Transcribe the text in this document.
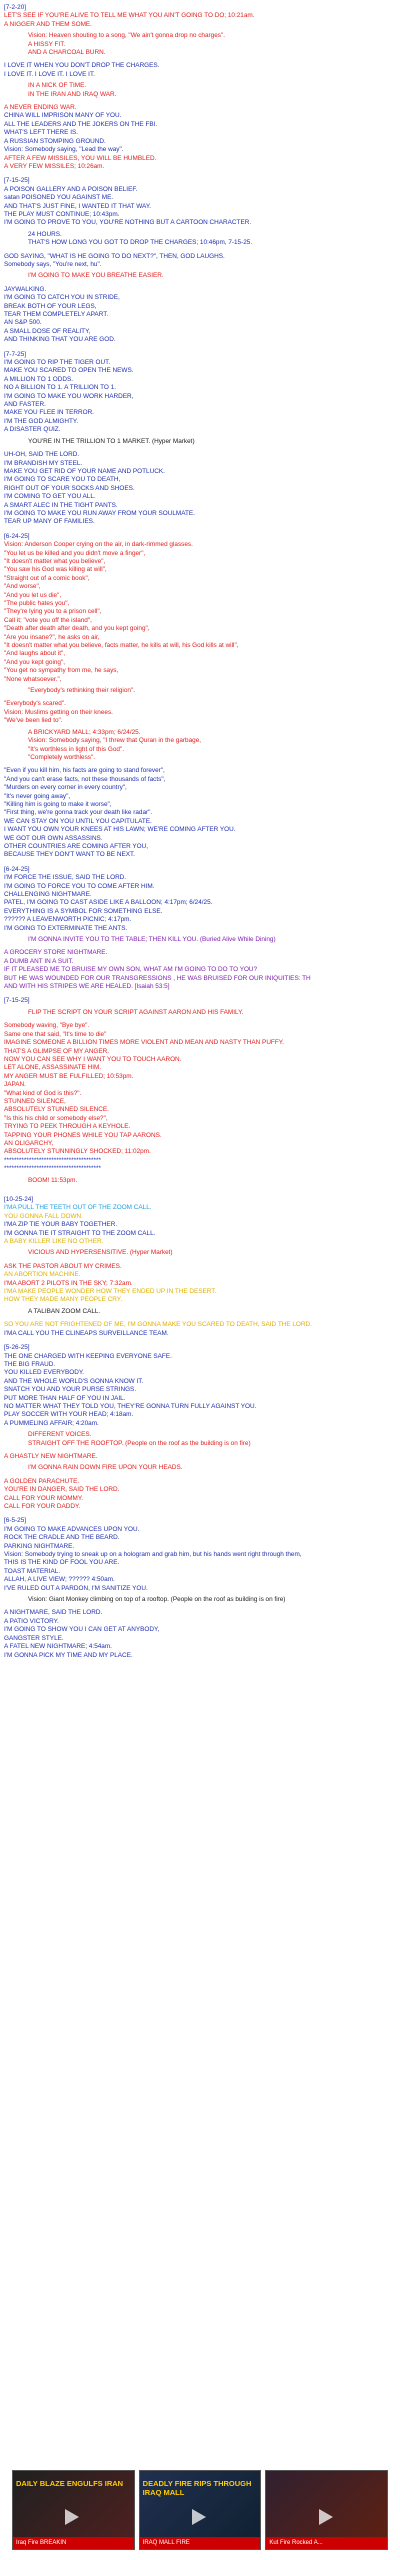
[7-2-20]
LET'S SEE IF YOU'RE ALIVE TO TELL ME WHAT YOU AIN'T GOING TO DO; 10:21am.
A NIGGER AND THEM SOME.
• Vision: Heaven shouting to a song, "We ain't gonna drop no charges".
• A HISSY FIT.
• AND A CHARCOAL BURN.
I LOVE IT WHEN YOU DON'T DROP THE CHARGES.
I LOVE IT. I LOVE IT. I LOVE IT.
• IN A NICK OF TIME.
• IN THE IRAN AND IRAQ WAR.
A NEVER ENDING WAR.
CHINA WILL IMPRISON MANY OF YOU.
ALL THE LEADERS AND THE JOKERS ON THE FBI.
WHAT'S LEFT THERE IS.
A RUSSIAN STOMPING GROUND.
Vision: Somebody saying, "Lead the way".
AFTER A FEW MISSILES, YOU WILL BE HUMBLED.
A VERY FEW MISSILES; 10:26am.
[7-15-25]
A POISON GALLERY AND A POISON BELIEF.
satan POISONED YOU AGAINST ME.
AND THAT'S JUST FINE, I WANTED IT THAT WAY.
THE PLAY MUST CONTINUE; 10:43pm.
I'M GOING TO PROVE TO YOU, YOU'RE NOTHING BUT A CARTOON CHARACTER.
• 24 HOURS.
• THAT'S HOW LONG YOU GOT TO DROP THE CHARGES; 10:46pm, 7-15-25.
GOD SAYING, "WHAT IS HE GOING TO DO NEXT?", THEN, GOD LAUGHS.
Somebody says, "You're next, hu".
• I'M GOING TO MAKE YOU BREATHE EASIER.
JAYWALKING.
I'M GOING TO CATCH YOU IN STRIDE,
BREAK BOTH OF YOUR LEGS,
TEAR THEM COMPLETELY APART.
AN S&P 500.
A SMALL DOSE OF REALITY,
AND THINKING THAT YOU ARE GOD.
[7-7-25]
I'M GOING TO RIP THE TIGER OUT.
MAKE YOU SCARED TO OPEN THE NEWS.
A MILLION TO 1 ODDS.
NO A BILLION TO 1. A TRILLION TO 1.
I'M GOING TO MAKE YOU WORK HARDER,
AND FASTER.
MAKE YOU FLEE IN TERROR.
I'M THE GOD ALMIGHTY.
A DISASTER QUIZ.
• YOU'RE IN THE TRILLION TO 1 MARKET. (Hyper Market)
UH-OH, SAID THE LORD.
I'M BRANDISH MY STEEL.
MAKE YOU GET RID OF YOUR NAME AND POTLUCK.
I'M GOING TO SCARE YOU TO DEATH,
RIGHT OUT OF YOUR SOCKS AND SHOES.
I'M COMING TO GET YOU ALL.
A SMART ALEC IN THE TIGHT PANTS.
I'M GOING TO MAKE YOU RUN AWAY FROM YOUR SOULMATE.
TEAR UP MANY OF FAMILIES.
[6-24-25]
Vision: Anderson Cooper crying on the air, in dark-rimmed glasses.
"You let us be killed and you didn't move a finger",
"It doesn't matter what you believe",
"You saw his God was killing at will",
"Straight out of a comic book",
"And worse",
"And you let us die",
"The public hates you",
"They're lying you to a prison cell",
Call it; "vote you off the island",
"Death after death after death, and you kept going",
"Are you insane?", he asks on air,
"It doesn't matter what you believe, facts matter, he kills at will, his God kills at will",
"And laughs about it",
"And you kept going",
"You get no sympathy from me, he says,
"None whatsoever.",
• "Everybody's rethinking their religion".
"Everybody's scared".
Vision: Muslims getting on their knees.
"We've been lied to".
• A BRICKYARD MALL; 4:33pm; 6/24/25.
• Vision: Somebody saying, "I threw that Quran in the garbage,
• "It's worthless in light of this God".
• "Completely worthless".
"Even if you kill him, his facts are going to stand forever",
"And you can't erase facts, not these thousands of facts",
"Murders on every corner in every country",
"It's never going away",
"Killing him is going to make it worse",
"First thing, we're gonna track your death like radar".
WE CAN STAY ON YOU UNTIL YOU CAPITULATE.
I WANT YOU OWN YOUR KNEES AT HIS LAWN; WE'RE COMING AFTER YOU.
WE GOT OUR OWN ASSASSINS.
OTHER COUNTRIES ARE COMING AFTER YOU,
BECAUSE THEY DON'T WANT TO BE NEXT.
[6-24-25]
I'M FORCE THE ISSUE, SAID THE LORD.
I'M GOING TO FORCE YOU TO COME AFTER HIM.
CHALLENGING NIGHTMARE.
PATEL, I'M GOING TO CAST ASIDE LIKE A BALLOON; 4:17pm; 6/24/25.
EVERYTHING IS A SYMBOL FOR SOMETHING ELSE.
?????? A LEAVENWORTH PICNIC; 4:17pm.
I'M GOING TO EXTERMINATE THE ANTS.
• I'M GONNA INVITE YOU TO THE TABLE; THEN KILL YOU. (Buried Alive While Dining)
A GROCERY STORE NIGHTMARE.
A DUMB ANT IN A SUIT.
IF IT PLEASED ME TO BRUISE MY OWN SON, WHAT AM I'M GOING TO DO TO YOU?
BUT HE WAS WOUNDED FOR OUR TRANSGRESSIONS , HE WAS BRUISED FOR OUR INIQUITIES: TH
AND WITH HIS STRIPES WE ARE HEALED. [Isaiah 53:5]
[7-15-25]
• FLIP THE SCRIPT ON YOUR SCRIPT AGAINST AARON AND HIS FAMILY.
Somebody waving, "Bye bye".
Same one that said, "It's time to die"
IMAGINE SOMEONE A BILLION TIMES MORE VIOLENT AND MEAN AND NASTY THAN PUFFY.
THAT'S A GLIMPSE OF MY ANGER.
NOW YOU CAN SEE WHY I WANT YOU TO TOUCH AARON.
LET ALONE, ASSASSINATE HIM.
MY ANGER MUST BE FULFILLED; 10:53pm.
JAPAN.
"What kind of God is this?".
STUNNED SILENCE,
ABSOLUTELY STUNNED SILENCE.
"Is this his child or somebody else?",
TRYING TO PEEK THROUGH A KEYHOLE.
TAPPING YOUR PHONES WHILE YOU TAP AARONS.
AN OLIGARCHY,
ABSOLUTELY STUNNINGLY SHOCKED; 11:02pm.
***************************************
***************************************
• BOOM! 11:53pm.
[10-25-24]
I'MA PULL THE TEETH OUT OF THE ZOOM CALL.
YOU GONNA FALL DOWN.
I'MA ZIP TIE YOUR BABY TOGETHER.
I'M GONNA TIE IT STRAIGHT TO THE ZOOM CALL.
A BABY KILLER LIKE NO OTHER.
• VICIOUS AND HYPERSENSITIVE. (Hyper Market)
ASK THE PASTOR ABOUT MY CRIMES.
AN ABORTION MACHINE.
I'MA ABORT 2 PILOTS IN THE SKY; 7:32am.
I'MA MAKE PEOPLE WONDER HOW THEY ENDED UP IN THE DESERT.
HOW THEY MADE MANY PEOPLE CRY.
• A TALIBAN ZOOM CALL.
SO YOU ARE NOT FRIGHTENED OF ME, I'M GONNA MAKE YOU SCARED TO DEATH, SAID THE LORD.
I'MA CALL YOU THE CLINEAPS SURVEILLANCE TEAM.
[5-26-25]
THE ONE CHARGED WITH KEEPING EVERYONE SAFE.
THE BIG FRAUD.
YOU KILLED EVERYBODY.
AND THE WHOLE WORLD'S GONNA KNOW IT.
SNATCH YOU AND YOUR PURSE STRINGS.
PUT MORE THAN HALF OF YOU IN JAIL.
NO MATTER WHAT THEY TOLD YOU, THEY'RE GONNA TURN FULLY AGAINST YOU.
PLAY SOCCER WITH YOUR HEAD; 4:18am.
A PUMMELING AFFAIR; 4:20am.
• DIFFERENT VOICES.
• STRAIGHT OFF THE ROOFTOP. (People on the roof as the building is on fire)
A GHASTLY NEW NIGHTMARE.
• I'M GONNA RAIN DOWN FIRE UPON YOUR HEADS.
A GOLDEN PARACHUTE.
YOU'RE IN DANGER, SAID THE LORD.
CALL FOR YOUR MOMMY.
CALL FOR YOUR DADDY.
[6-5-25]
I'M GOING TO MAKE ADVANCES UPON YOU.
ROCK THE CRADLE AND THE BEARD.
PARKING NIGHTMARE.
Vision: Somebody trying to sneak up on a hologram and grab him, but his hands went right through them,
THIS IS THE KIND OF FOOL YOU ARE.
TOAST MATERIAL.
ALLAH, A LIVE VIEW; ?????? 4:50am.
I'VE RULED OUT A PARDON, I'M SANITIZE YOU.
• Vision: Giant Monkey climbing on top of a rooftop. (People on the roof as building is on fire)
A NIGHTMARE, SAID THE LORD.
A PATIO VICTORY.
I'M GOING TO SHOW YOU I CAN GET AT ANYBODY,
GANGSTER STYLE.
A FATEL NEW NIGHTMARE; 4:54am.
I'M GONNA PICK MY TIME AND MY PLACE.
DAILY BLAZE ENGULFS IRAN
Iraq Fire BREAKIN
DEADLY FIRE RIPS THROUGH IRAQ MALL
IRAQ MALL FIRE	Kut Fire Rocked A...
